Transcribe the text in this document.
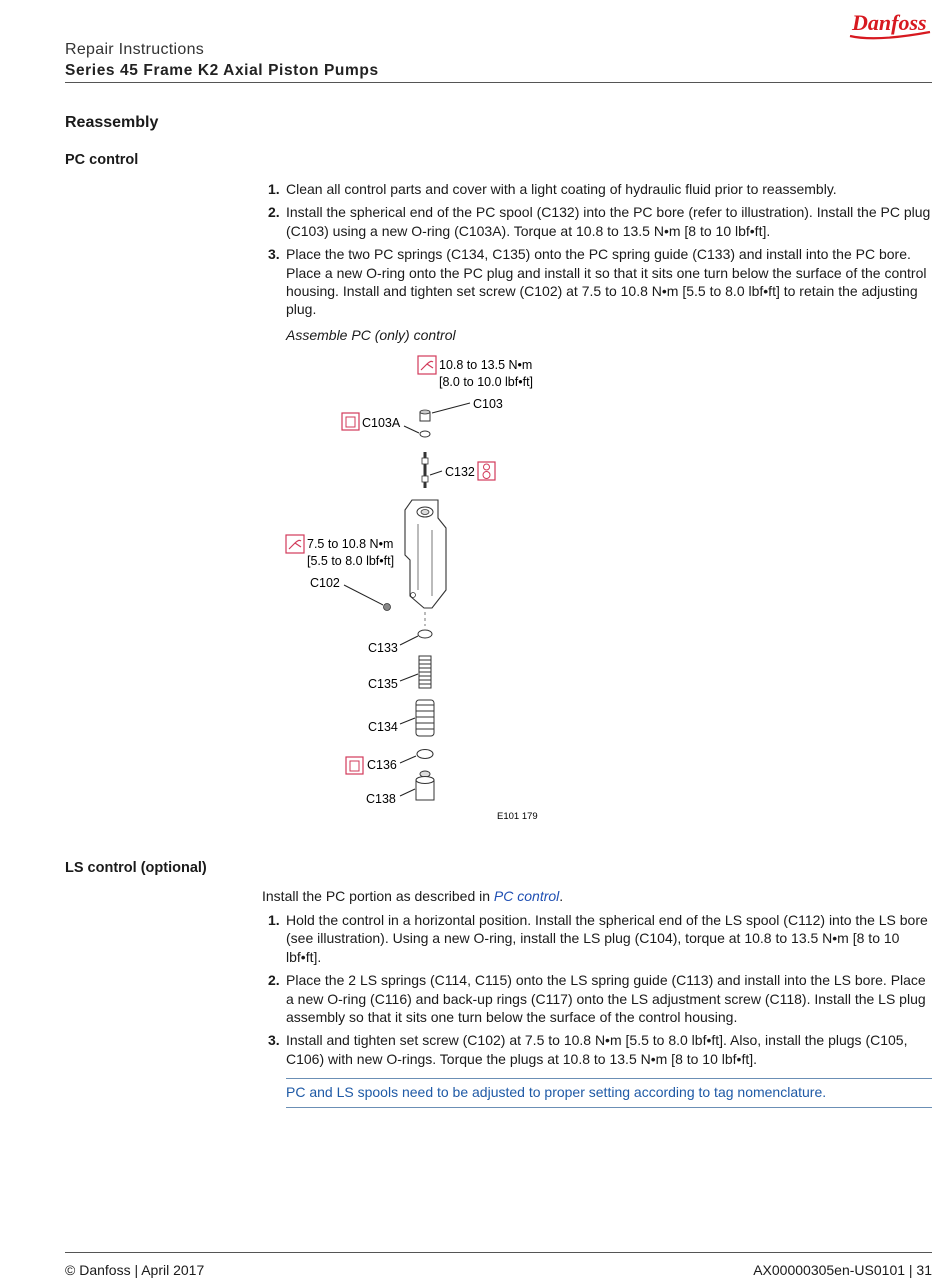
Danfoss
Repair Instructions
Series 45 Frame K2 Axial Piston Pumps
Reassembly
PC control
1. Clean all control parts and cover with a light coating of hydraulic fluid prior to reassembly.
2. Install the spherical end of the PC spool (C132) into the PC bore (refer to illustration). Install the PC plug (C103) using a new O-ring (C103A). Torque at 10.8 to 13.5 N•m [8 to 10 lbf•ft].
3. Place the two PC springs (C134, C135) onto the PC spring guide (C133) and install into the PC bore. Place a new O-ring onto the PC plug and install it so that it sits one turn below the surface of the control housing. Install and tighten set screw (C102) at 7.5 to 10.8 N•m [5.5 to 8.0 lbf•ft] to retain the adjusting plug.
Assemble PC (only) control
10.8 to 13.5 N•m
[8.0 to 10.0 lbf•ft]
C103
C103A
C132
7.5 to 10.8 N•m
[5.5 to 8.0 lbf•ft]
C102
C133
C135
C134
C136
C138
E101 179
LS control (optional)
Install the PC portion as described in PC control.
1. Hold the control in a horizontal position. Install the spherical end of the LS spool (C112) into the LS bore (see illustration). Using a new O-ring, install the LS plug (C104), torque at 10.8 to 13.5 N•m [8 to 10 lbf•ft].
2. Place the 2 LS springs (C114, C115) onto the LS spring guide (C113) and install into the LS bore. Place a new O-ring (C116) and back-up rings (C117) onto the LS adjustment screw (C118). Install the LS plug assembly so that it sits one turn below the surface of the control housing.
3. Install and tighten set screw (C102) at 7.5 to 10.8 N•m [5.5 to 8.0 lbf•ft]. Also, install the plugs (C105, C106) with new O-rings. Torque the plugs at 10.8 to 13.5 N•m [8 to 10 lbf•ft].
PC and LS spools need to be adjusted to proper setting according to tag nomenclature.
© Danfoss | April 2017	AX00000305en-US0101 | 31
